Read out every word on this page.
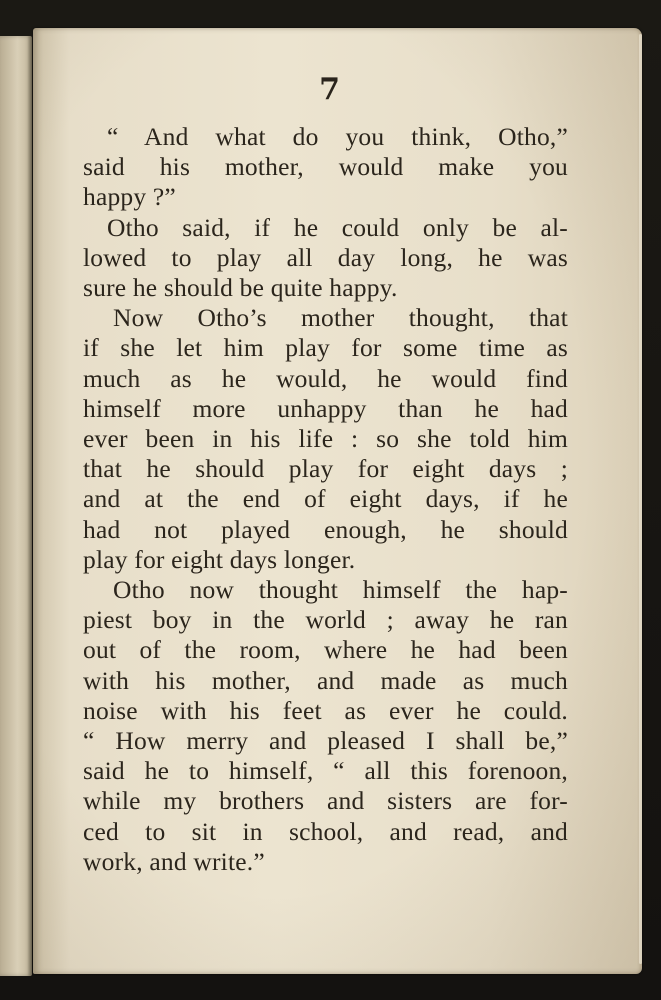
7
“ And what do you think, Otho,”
said his mother, would make you
happy ?”
Otho said, if he could only be al-
lowed to play all day long, he was
sure he should be quite happy.
Now Otho’s mother thought, that
if she let him play for some time as
much as he would, he would find
himself more unhappy than he had
ever been in his life : so she told him
that he should play for eight days ;
and at the end of eight days, if he
had not played enough, he should
play for eight days longer.
Otho now thought himself the hap-
piest boy in the world ; away he ran
out of the room, where he had been
with his mother, and made as much
noise with his feet as ever he could.
“ How merry and pleased I shall be,”
said he to himself, “ all this forenoon,
while my brothers and sisters are for-
ced to sit in school, and read, and
work, and write.”
